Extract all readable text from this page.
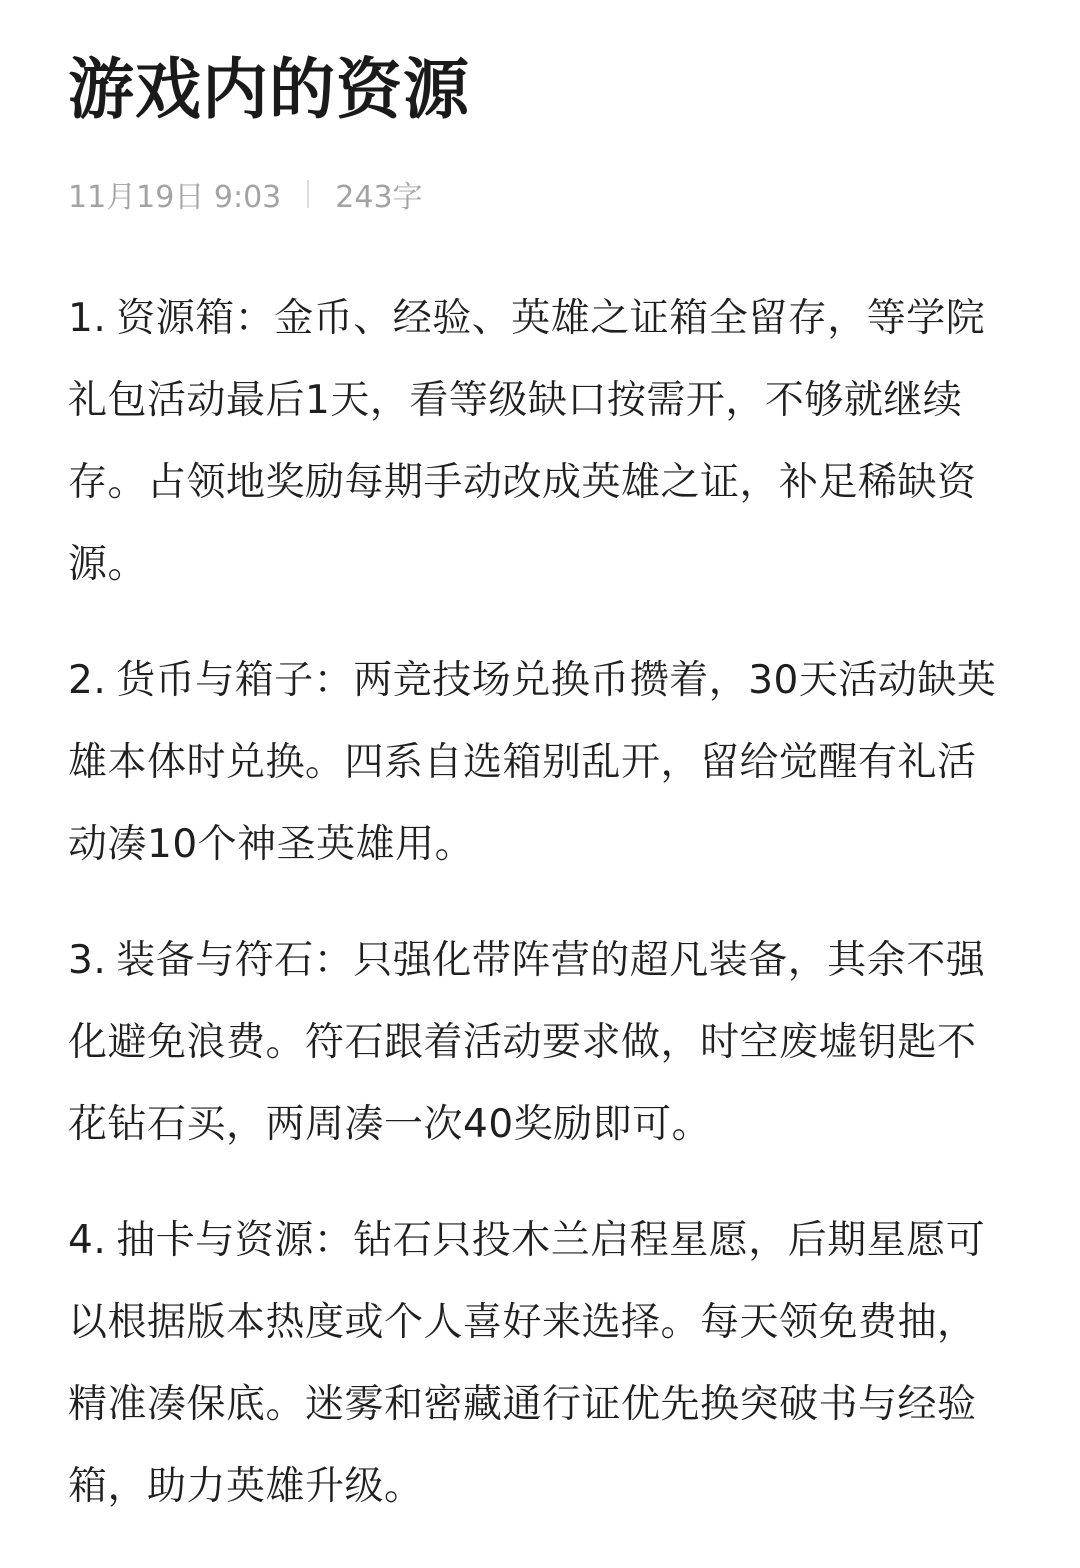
游戏内的资源
11月19日 9:03 243字

1. 资源箱：金币、经验、英雄之证箱全留存，等学院礼包活动最后1天，看等级缺口按需开，不够就继续存。占领地奖励每期手动改成英雄之证，补足稀缺资源。

2. 货币与箱子：两竞技场兑换币攒着，30天活动缺英雄本体时兑换。四系自选箱别乱开，留给觉醒有礼活动凑10个神圣英雄用。

3. 装备与符石：只强化带阵营的超凡装备，其余不强化避免浪费。符石跟着活动要求做，时空废墟钥匙不花钻石买，两周凑一次40奖励即可。

4. 抽卡与资源：钻石只投木兰启程星愿，后期星愿可以根据版本热度或个人喜好来选择。每天领免费抽，精准凑保底。迷雾和密藏通行证优先换突破书与经验箱，助力英雄升级。
